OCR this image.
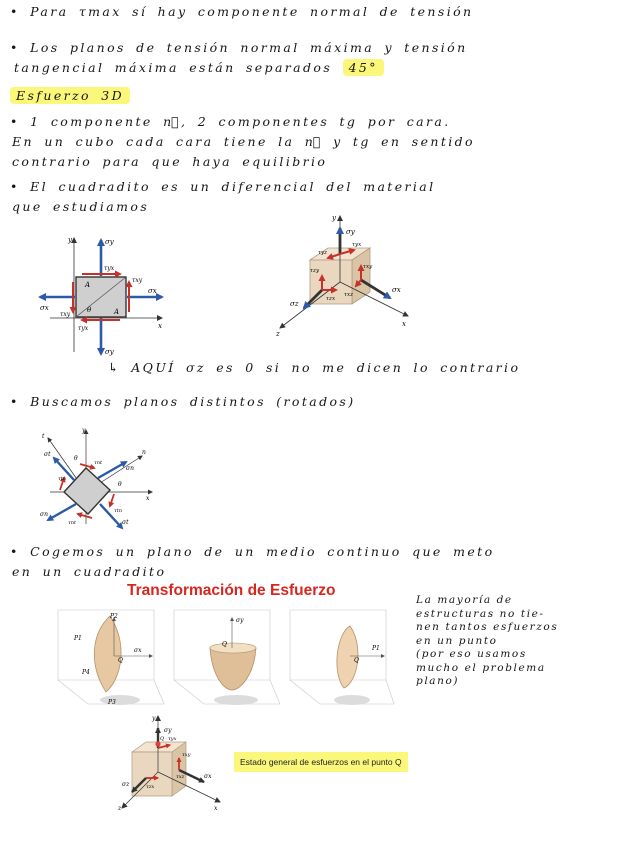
• Para τmax sí hay componente normal de tensión

• Los planos de tensión normal máxima y tensión

tangencial máxima están separados 45°

Esfuerzo 3D

• 1 componente n⃗, 2 componentes tg por cara.

En un cubo cada cara tiene la n⃗ y tg en sentido

contrario para que haya equilibrio

• El cuadradito es un diferencial del material

que estudiamos

↳ AQUÍ σz es 0 si no me dicen lo contrario

• Buscamos planos distintos (rotados)

• Cogemos un plano de un medio continuo que meto

en un cuadradito

y
x
σy
σy
σx
σx
τyx
τxy
τxy
τyx
A
A
θ
y
x
z
σy
σx
σz
τyz
τyx
τxy
τzy
τzx
τxz
y
x
n
t
θ
θ
σt
σn
σn
σt
τnt
τtn
τnt
τtn
Transformación de Esfuerzo
P2
P1
P4
P3
Q
σx
σy
Q
P1
Q
y
x
z
σy
σx
σz
Q τyx
τxy
τzx
τxz
Estado general de esfuerzos en el punto Q
La mayoría de
estructuras no tie-
nen tantos esfuerzos
en un punto
(por eso usamos
mucho el problema
plano)
